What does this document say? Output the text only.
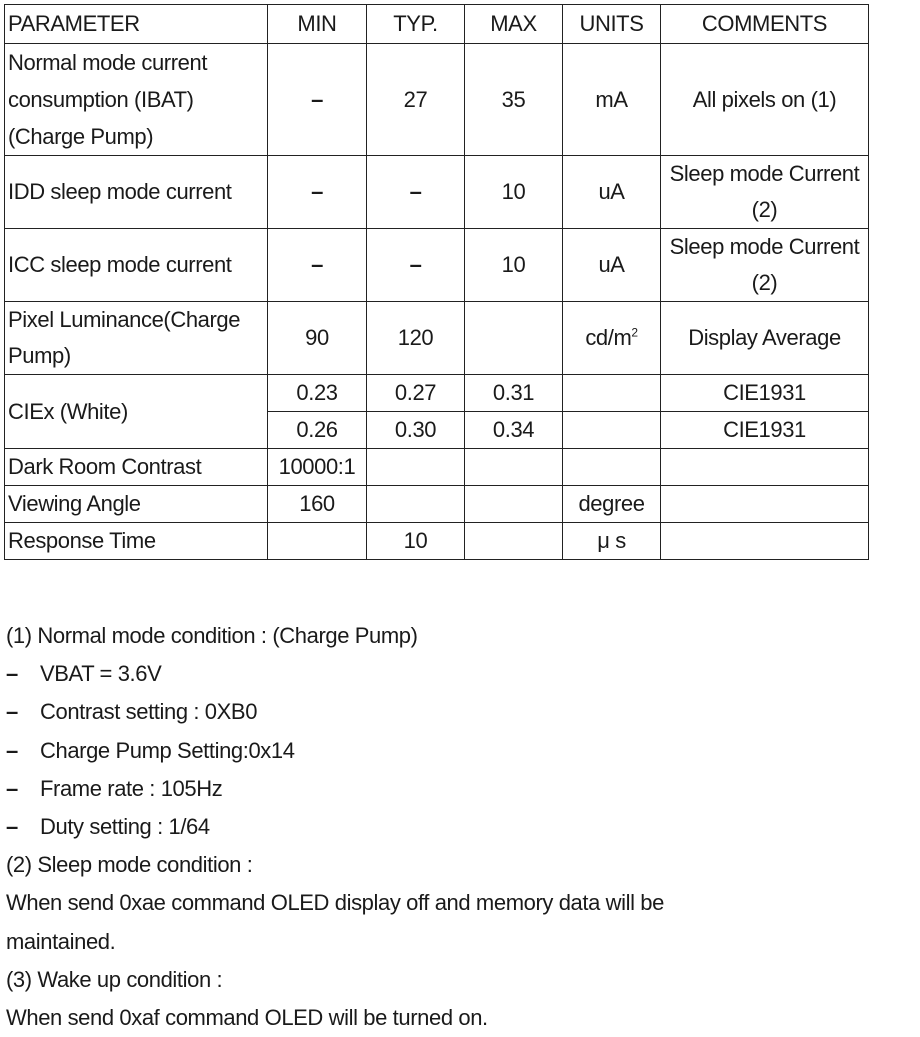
PARAMETER	MIN	TYP.	MAX	UNITS	COMMENTS

Normal mode current
consumption (IBAT)
(Charge Pump)	–	27	35	mA	All pixels on (1)
IDD sleep mode current	–	–	10	uA	Sleep mode Current
(2)

ICC sleep mode current	–	–	10	uA	Sleep mode Current
(2)

Pixel Luminance(Charge
Pump)	90	120		$cd/m^2$	Display Average
CIEx (White)	0.23	0.27	0.31		CIE1931
	0.26	0.30	0.34		CIE1931
Dark Room Contrast	10000:1				
Viewing Angle	160			degree	
Response Time		10		μ s	
(1) Normal mode condition : (Charge Pump)
– VBAT = 3.6V
– Contrast setting : 0XB0
– Charge Pump Setting:0x14
– Frame rate : 105Hz
– Duty setting : 1/64
(2) Sleep mode condition :
When send 0xae command OLED display off and memory data will be
maintained.
(3) Wake up condition :
When send 0xaf command OLED will be turned on.
